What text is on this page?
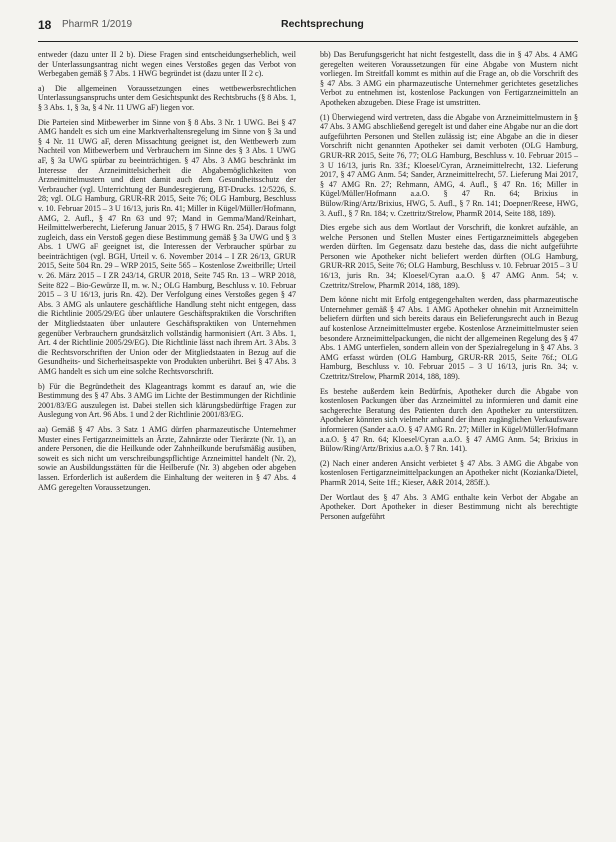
18 PharmR 1/2019	Rechtsprechung

entweder (dazu unter II 2 b). Diese Fragen sind entscheidungserheblich, weil der Unterlassungsantrag nicht wegen eines Verstoßes gegen das Verbot von Werbegaben gemäß § 7 Abs. 1 HWG begründet ist (dazu unter II 2 c).

a) Die allgemeinen Voraussetzungen eines wettbewerbsrechtlichen Unterlassungsanspruchs unter dem Gesichtspunkt des Rechtsbruchs (§ 8 Abs. 1, § 3 Abs. 1, § 3a, § 4 Nr. 11 UWG aF) liegen vor.

Die Parteien sind Mitbewerber im Sinne von § 8 Abs. 3 Nr. 1 UWG. Bei § 47 AMG handelt es sich um eine Marktverhaltensregelung im Sinne von § 3a und § 4 Nr. 11 UWG aF, deren Missachtung geeignet ist, den Wettbewerb zum Nachteil von Mitbewerbern und Verbrauchern im Sinne des § 3 Abs. 1 UWG aF, § 3a UWG spürbar zu beeinträchtigen. § 47 Abs. 3 AMG beschränkt im Interesse der Arzneimittelsicherheit die Abgabemöglichkeiten von Arzneimittelmustern und dient damit auch dem Gesundheitsschutz der Verbraucher (vgl. Unterrichtung der Bundesregierung, BT-Drucks. 12/5226, S. 28; vgl. OLG Hamburg, GRUR-RR 2015, Seite 76; OLG Hamburg, Beschluss v. 10. Februar 2015 – 3 U 16/13, juris Rn. 41; Miller in Kügel/Müller/Hofmann, AMG, 2. Aufl., § 47 Rn 63 und 97; Mand in Gemma/Mand/Reinhart, Heilmittelwerberecht, Lieferung Januar 2015, § 7 HWG Rn. 254). Daraus folgt zugleich, dass ein Verstoß gegen diese Bestimmung gemäß § 3a UWG und § 3 Abs. 1 UWG aF geeignet ist, die Interessen der Verbraucher spürbar zu beeinträchtigen (vgl. BGH, Urteil v. 6. November 2014 – I ZR 26/13, GRUR 2015, Seite 504 Rn. 29 – WRP 2015, Seite 565 – Kostenlose Zweitbrille; Urteil v. 26. März 2015 – I ZR 243/14, GRUR 2018, Seite 745 Rn. 13 – WRP 2018, Seite 822 – Bio-Gewürze II, m. w. N.; OLG Hamburg, Beschluss v. 10. Februar 2015 – 3 U 16/13, juris Rn. 42). Der Verfolgung eines Verstoßes gegen § 47 Abs. 3 AMG als unlautere geschäftliche Handlung steht nicht entgegen, dass die Richtlinie 2005/29/EG über unlautere Geschäftspraktiken die Vorschriften der Mitgliedstaaten über unlautere Geschäftspraktiken von Unternehmen gegenüber Verbrauchern grundsätzlich vollständig harmonisiert (Art. 3 Abs. 1, Art. 4 der Richtlinie 2005/29/EG). Die Richtlinie lässt nach ihrem Art. 3 Abs. 3 die Rechtsvorschriften der Union oder der Mitgliedstaaten in Bezug auf die Gesundheits- und Sicherheitsaspekte von Produkten unberührt. Bei § 47 Abs. 3 AMG handelt es sich um eine solche Rechtsvorschrift.

b) Für die Begründetheit des Klageantrags kommt es darauf an, wie die Bestimmung des § 47 Abs. 3 AMG im Lichte der Bestimmungen der Richtlinie 2001/83/EG auszulegen ist. Dabei stellen sich klärungsbedürftige Fragen zur Auslegung von Art. 96 Abs. 1 und 2 der Richtlinie 2001/83/EG.

aa) Gemäß § 47 Abs. 3 Satz 1 AMG dürfen pharmazeutische Unternehmer Muster eines Fertigarzneimittels an Ärzte, Zahnärzte oder Tierärzte (Nr. 1), an andere Personen, die die Heilkunde oder Zahnheilkunde berufsmäßig ausüben, soweit es sich nicht um verschreibungspflichtige Arzneimittel handelt (Nr. 2), sowie an Ausbildungsstätten für die Heilberufe (Nr. 3) abgeben oder abgeben lassen. Erforderlich ist außerdem die Einhaltung der weiteren in § 47 Abs. 4 AMG geregelten Voraussetzungen.

bb) Das Berufungsgericht hat nicht festgestellt, dass die in § 47 Abs. 4 AMG geregelten weiteren Voraussetzungen für eine Abgabe von Mustern nicht vorliegen. Im Streitfall kommt es mithin auf die Frage an, ob die Vorschrift des § 47 Abs. 3 AMG ein pharmazeutische Unternehmer gerichtetes gesetzliches Verbot zu entnehmen ist, kostenlose Packungen von Fertigarzneimitteln an Apotheken abzugeben. Diese Frage ist umstritten.

(1) Überwiegend wird vertreten, dass die Abgabe von Arzneimittelmustern in § 47 Abs. 3 AMG abschließend geregelt ist und daher eine Abgabe nur an die dort aufgeführten Personen und Stellen zulässig ist; eine Abgabe an die in dieser Vorschrift nicht genannten Apotheker sei damit verboten (OLG Hamburg, GRUR-RR 2015, Seite 76, 77; OLG Hamburg, Beschluss v. 10. Februar 2015 – 3 U 16/13, juris Rn. 33f.; Kloesel/Cyran, Arzneimittelrecht, 132. Lieferung 2017, § 47 AMG Anm. 54; Sander, Arzneimittelrecht, 57. Lieferung Mai 2017, § 47 AMG Rn. 27; Rehmann, AMG, 4. Aufl., § 47 Rn. 16; Miller in Kügel/Müller/Hofmann a.a.O. § 47 Rn. 64; Brixius in Bülow/Ring/Artz/Brixius, HWG, 5. Aufl., § 7 Rn. 141; Doepner/Reese, HWG, 3. Aufl., § 7 Rn. 184; v. Czettritz/Strelow, PharmR 2014, Seite 188, 189).

Dies ergebe sich aus dem Wortlaut der Vorschrift, die konkret aufzähle, an welche Personen und Stellen Muster eines Fertigarzneimittels abgegeben werden dürften. Im Gegensatz dazu bestehe das, dass die nicht aufgeführte Personen wie Apotheker nicht beliefert werden dürften (OLG Hamburg, GRUR-RR 2015, Seite 76; OLG Hamburg, Beschluss v. 10. Februar 2015 – 3 U 16/13, juris Rn. 34; Kloesel/Cyran a.a.O. § 47 AMG Anm. 54; v. Czettritz/Strelow, PharmR 2014, 188, 189).

Dem könne nicht mit Erfolg entgegengehalten werden, dass pharmazeutische Unternehmer gemäß § 47 Abs. 1 AMG Apotheker ohnehin mit Arzneimitteln beliefern dürften und sich bereits daraus ein Belieferungsrecht auch in Bezug auf kostenlose Arzneimittelmuster ergebe. Kostenlose Arzneimittelmuster seien besondere Arzneimittelpackungen, die nicht der allgemeinen Regelung des § 47 Abs. 1 AMG unterfielen, sondern allein von der Spezialregelung in § 47 Abs. 3 AMG erfasst würden (OLG Hamburg, GRUR-RR 2015, Seite 76f.; OLG Hamburg, Beschluss v. 10. Februar 2015 – 3 U 16/13, juris Rn. 34; v. Czettritz/Strelow, PharmR 2014, 188, 189).

Es bestehe außerdem kein Bedürfnis, Apotheker durch die Abgabe von kostenlosen Packungen über das Arzneimittel zu informieren und damit eine sachgerechte Beratung des Patienten durch den Apotheker zu unterstützen. Apotheker könnten sich vielmehr anhand der ihnen zugänglichen Verkaufsware informieren (Sander a.a.O. § 47 AMG Rn. 27; Miller in Kügel/Müller/Hofmann a.a.O. § 47 Rn. 64; Kloesel/Cyran a.a.O. § 47 AMG Anm. 54; Brixius in Bülow/Ring/Artz/Brixius a.a.O. § 7 Rn. 141).

(2) Nach einer anderen Ansicht verbietet § 47 Abs. 3 AMG die Abgabe von kostenlosen Fertigarzneimittelpackungen an Apotheker nicht (Kozianka/Dietel, PharmR 2014, Seite 1ff.; Kieser, A&R 2014, 285ff.).

Der Wortlaut des § 47 Abs. 3 AMG enthalte kein Verbot der Abgabe an Apotheker. Dort Apotheker in dieser Bestimmung nicht als berechtigte Personen aufgeführt
